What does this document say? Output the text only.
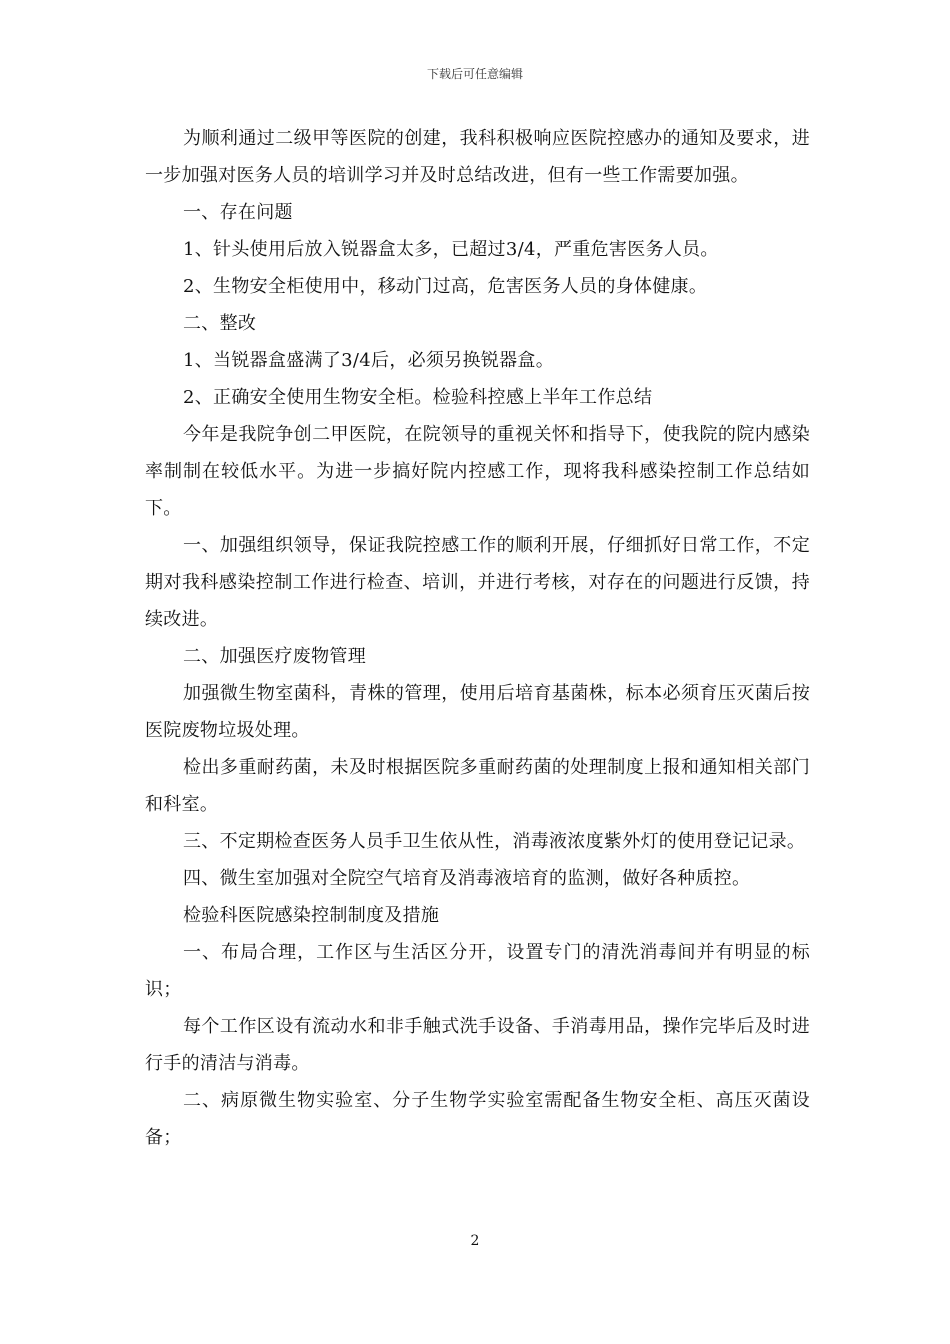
下载后可任意编辑

为顺利通过二级甲等医院的创建，我科积极响应医院控感办的通知及要求，进一步加强对医务人员的培训学习并及时总结改进，但有一些工作需要加强。

一、存在问题

1、针头使用后放入锐器盒太多，已超过3/4，严重危害医务人员。

2、生物安全柜使用中，移动门过高，危害医务人员的身体健康。

二、整改

1、当锐器盒盛满了3/4后，必须另换锐器盒。

2、正确安全使用生物安全柜。检验科控感上半年工作总结

今年是我院争创二甲医院，在院领导的重视关怀和指导下，使我院的院内感染率制制在较低水平。为进一步搞好院内控感工作，现将我科感染控制工作总结如下。

一、加强组织领导，保证我院控感工作的顺利开展，仔细抓好日常工作，不定期对我科感染控制工作进行检查、培训，并进行考核，对存在的问题进行反馈，持续改进。

二、加强医疗废物管理

加强微生物室菌科，青株的管理，使用后培育基菌株，标本必须育压灭菌后按医院废物垃圾处理。

检出多重耐药菌，未及时根据医院多重耐药菌的处理制度上报和通知相关部门和科室。

三、不定期检查医务人员手卫生依从性，消毒液浓度紫外灯的使用登记记录。

四、微生室加强对全院空气培育及消毒液培育的监测，做好各种质控。

检验科医院感染控制制度及措施

一、布局合理，工作区与生活区分开，设置专门的清洗消毒间并有明显的标识；

每个工作区设有流动水和非手触式洗手设备、手消毒用品，操作完毕后及时进行手的清洁与消毒。

二、病原微生物实验室、分子生物学实验室需配备生物安全柜、高压灭菌设备；

2
